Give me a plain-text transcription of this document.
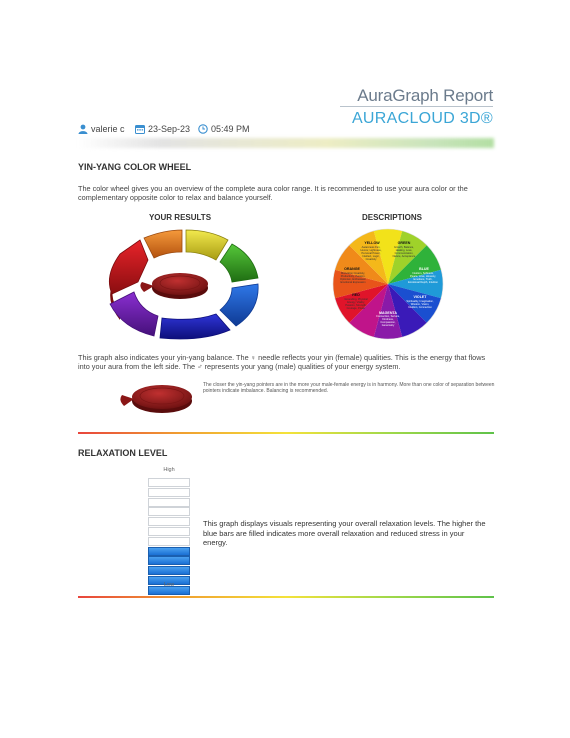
AuraGraph Report
AURACLOUD 3D®
valerie c	23-Sep-23 05:49 PM
YIN-YANG COLOR WHEEL
The color wheel gives you an overview of the complete aura color range. It is recommended to use your aura color or the complementary opposite color to relax and balance yourself.
YOUR RESULTS	DESCRIPTIONS
YELLOW	GREEN
ORANGE	BLUE
RED	VIOLET
MAGENTA
Awareness Fun, Humor, Lightness, Personal Power, Intellect, Logic, Creativity
Growth, Balance, Healing, Love, Communication, Nature, Acceptance
Motivation Creativity, Productivity, Passion, Optimism, Enthusiasm Emotional Expression
Intuition, Softness, Peace, Love, Honesty, Emotions, Truth, Emotional Depth, Intuition
Grounding, Physical Energy, Vitality, Passion, Strength, Courage, Power
Spirituality, Imagination, Wisdom, Vision, Intuition, Connection
Connection, Service, Kindness, Compassion, Generosity
This graph also indicates your yin-yang balance. The ♀ needle reflects your yin (female) qualities. This is the energy that flows into your aura from the left side. The ♂ represents your yang (male) qualities of your energy system.
The closer the yin-yang pointers are in the more your male-female energy is in harmony. More than one color of separation between pointers indicate imbalance. Balancing is recommended.
RELAXATION LEVEL
High
Low
This graph displays visuals representing your overall relaxation levels. The higher the blue bars are filled indicates more overall relaxation and reduced stress in your energy.
